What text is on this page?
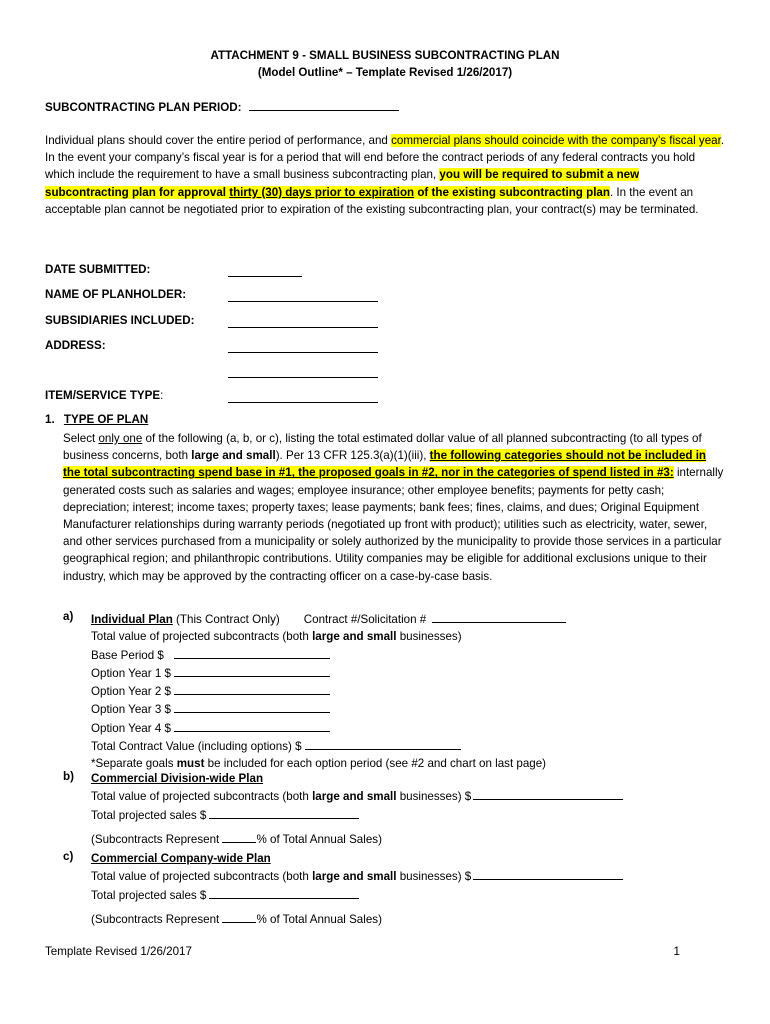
ATTACHMENT 9 - SMALL BUSINESS SUBCONTRACTING PLAN
(Model Outline* – Template Revised 1/26/2017)
SUBCONTRACTING PLAN PERIOD:
Individual plans should cover the entire period of performance, and commercial plans should coincide with the company’s fiscal year. In the event your company’s fiscal year is for a period that will end before the contract periods of any federal contracts you hold which include the requirement to have a small business subcontracting plan, you will be required to submit a new subcontracting plan for approval thirty (30) days prior to expiration of the existing subcontracting plan. In the event an acceptable plan cannot be negotiated prior to expiration of the existing subcontracting plan, your contract(s) may be terminated.
DATE SUBMITTED:
NAME OF PLANHOLDER:
SUBSIDIARIES INCLUDED:
ADDRESS:
ITEM/SERVICE TYPE:
1. TYPE OF PLAN
Select only one of the following (a, b, or c), listing the total estimated dollar value of all planned subcontracting (to all types of business concerns, both large and small). Per 13 CFR 125.3(a)(1)(iii), the following categories should not be included in the total subcontracting spend base in #1, the proposed goals in #2, nor in the categories of spend listed in #3: internally generated costs such as salaries and wages; employee insurance; other employee benefits; payments for petty cash; depreciation; interest; income taxes; property taxes; lease payments; bank fees; fines, claims, and dues; Original Equipment Manufacturer relationships during warranty periods (negotiated up front with product); utilities such as electricity, water, sewer, and other services purchased from a municipality or solely authorized by the municipality to provide those services in a particular geographical region; and philanthropic contributions. Utility companies may be eligible for additional exclusions unique to their industry, which may be approved by the contracting officer on a case-by-case basis.
a) Individual Plan (This Contract Only) Contract #/Solicitation #
Total value of projected subcontracts (both large and small businesses)
Base Period $
Option Year 1 $
Option Year 2 $
Option Year 3 $
Option Year 4 $
Total Contract Value (including options) $
*Separate goals must be included for each option period (see #2 and chart on last page)
b) Commercial Division-wide Plan
Total value of projected subcontracts (both large and small businesses) $
Total projected sales $
(Subcontracts Represent	% of Total Annual Sales)
c) Commercial Company-wide Plan
Total value of projected subcontracts (both large and small businesses) $
Total projected sales $
(Subcontracts Represent	% of Total Annual Sales)
Template Revised 1/26/2017	1
